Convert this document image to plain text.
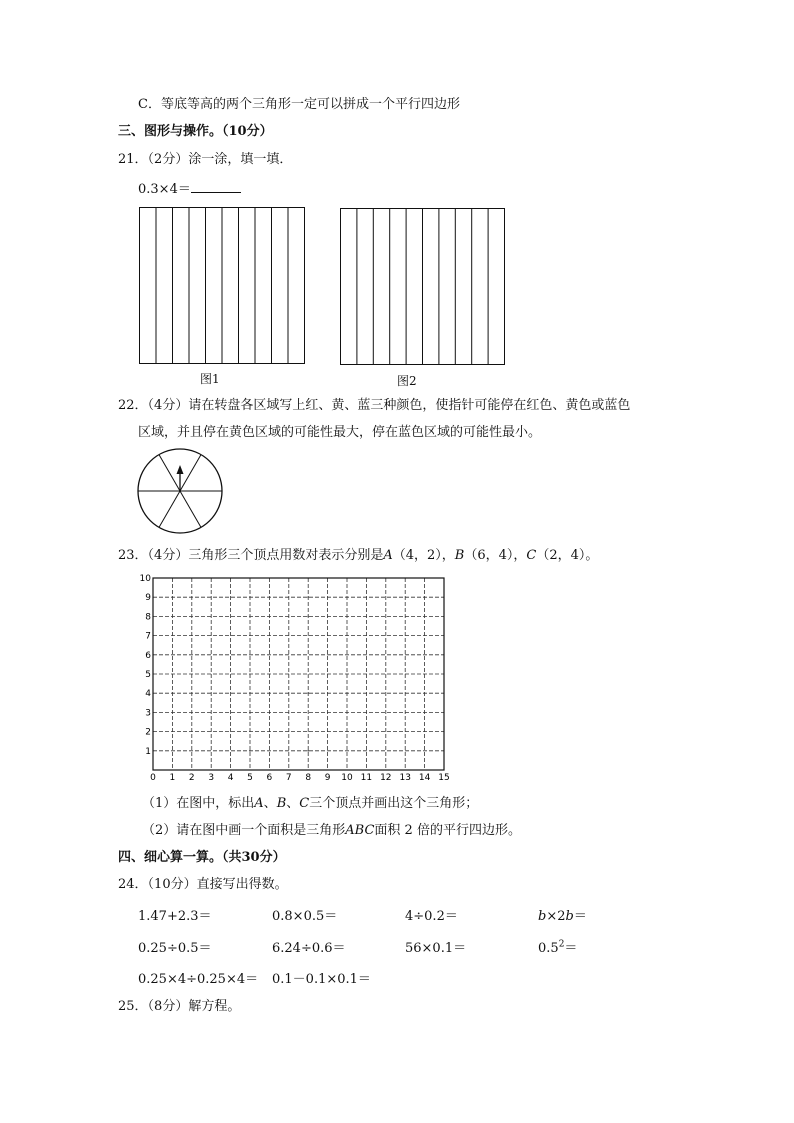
C．等底等高的两个三角形一定可以拼成一个平行四边形
三、图形与操作。（10分）
21．（2分）涂一涂，填一填．
0.3×4＝
图1	图2
22．（4分）请在转盘各区域写上红、黄、蓝三种颜色，使指针可能停在红色、黄色或蓝色
区域，并且停在黄色区域的可能性最大，停在蓝色区域的可能性最小。
23．（4分）三角形三个顶点用数对表示分别是A（4，2），B（6，4），C（2，4）。
0 1 2 3 4 5 6 7 8 9 10 11 12 13 14 15
1
2
3
4
5
6
7
8
9
10
（1）在图中，标出A、B、C三个顶点并画出这个三角形；
（2）请在图中画一个面积是三角形ABC面积 2 倍的平行四边形。
四、细心算一算。（共30分）
24．（10分）直接写出得数。
1.47+2.3＝	0.8×0.5＝	4÷0.2＝	b×2b＝
0.25÷0.5＝	6.24÷0.6＝	56×0.1＝	$0.5^2=$
0.25×4÷0.25×4＝ 0.1－0.1×0.1＝
25．（8分）解方程。
